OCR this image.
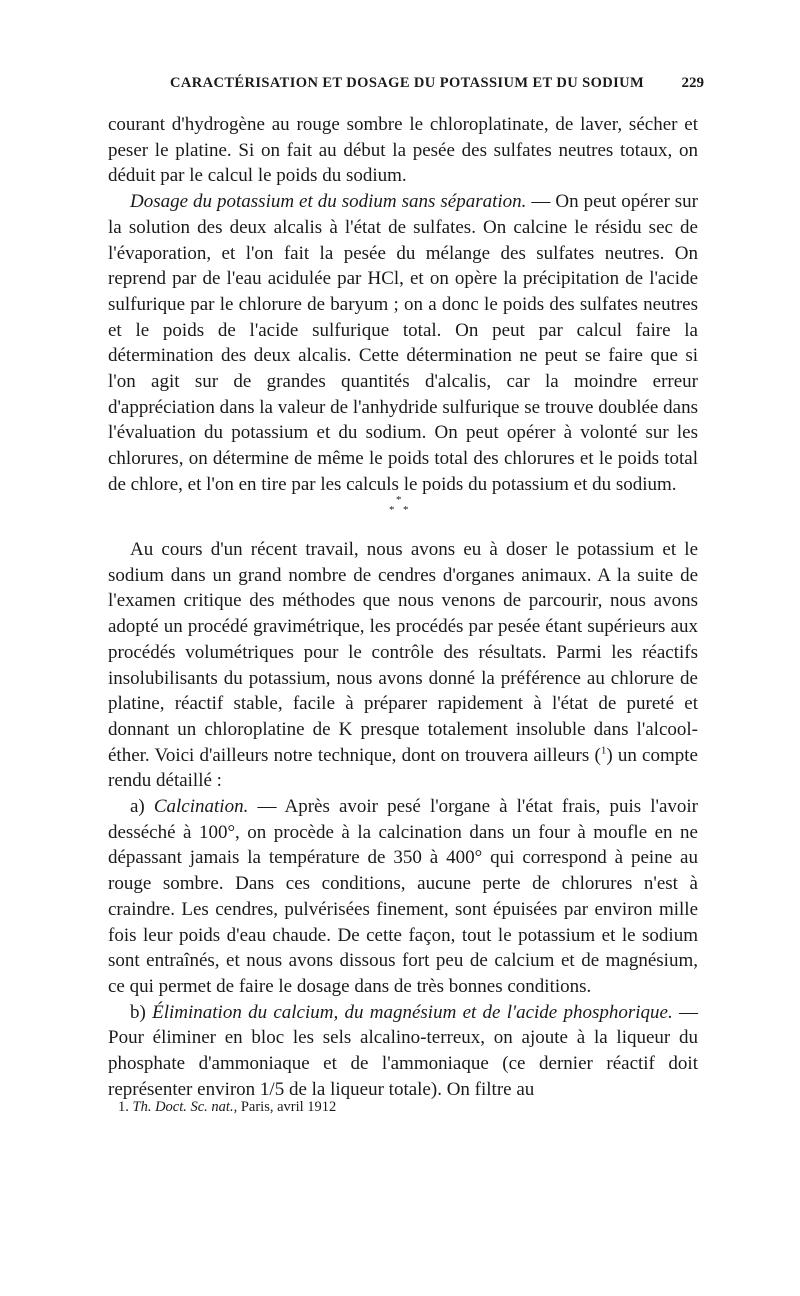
CARACTÉRISATION ET DOSAGE DU POTASSIUM ET DU SODIUM 229

courant d'hydrogène au rouge sombre le chloroplatinate, de laver, sécher et peser le platine. Si on fait au début la pesée des sulfates neutres totaux, on déduit par le calcul le poids du sodium.

Dosage du potassium et du sodium sans séparation. — On peut opérer sur la solution des deux alcalis à l'état de sulfates. On calcine le résidu sec de l'évaporation, et l'on fait la pesée du mélange des sulfates neutres. On reprend par de l'eau acidulée par HCl, et on opère la précipitation de l'acide sulfurique par le chlorure de baryum ; on a donc le poids des sulfates neutres et le poids de l'acide sulfurique total. On peut par calcul faire la détermination des deux alcalis. Cette détermination ne peut se faire que si l'on agit sur de grandes quantités d'alcalis, car la moindre erreur d'appréciation dans la valeur de l'anhydride sulfurique se trouve doublée dans l'évaluation du potassium et du sodium. On peut opérer à volonté sur les chlorures, on détermine de même le poids total des chlorures et le poids total de chlore, et l'on en tire par les calculs le poids du potassium et du sodium.

*
* *

Au cours d'un récent travail, nous avons eu à doser le potassium et le sodium dans un grand nombre de cendres d'organes animaux. A la suite de l'examen critique des méthodes que nous venons de parcourir, nous avons adopté un procédé gravimétrique, les procédés par pesée étant supérieurs aux procédés volumétriques pour le contrôle des résultats. Parmi les réactifs insolubilisants du potassium, nous avons donné la préférence au chlorure de platine, réactif stable, facile à préparer rapidement à l'état de pureté et donnant un chloroplatine de K presque totalement insoluble dans l'alcool-éther. Voici d'ailleurs notre technique, dont on trouvera ailleurs ($^1$) un compte rendu détaillé :

a) Calcination. — Après avoir pesé l'organe à l'état frais, puis l'avoir desséché à 100°, on procède à la calcination dans un four à moufle en ne dépassant jamais la température de 350 à 400° qui correspond à peine au rouge sombre. Dans ces conditions, aucune perte de chlorures n'est à craindre. Les cendres, pulvérisées finement, sont épuisées par environ mille fois leur poids d'eau chaude. De cette façon, tout le potassium et le sodium sont entraînés, et nous avons dissous fort peu de calcium et de magnésium, ce qui permet de faire le dosage dans de très bonnes conditions.

b) Élimination du calcium, du magnésium et de l'acide phosphorique. — Pour éliminer en bloc les sels alcalino-terreux, on ajoute à la liqueur du phosphate d'ammoniaque et de l'ammoniaque (ce dernier réactif doit représenter environ 1/5 de la liqueur totale). On filtre au

1. Th. Doct. Sc. nat., Paris, avril 1912
